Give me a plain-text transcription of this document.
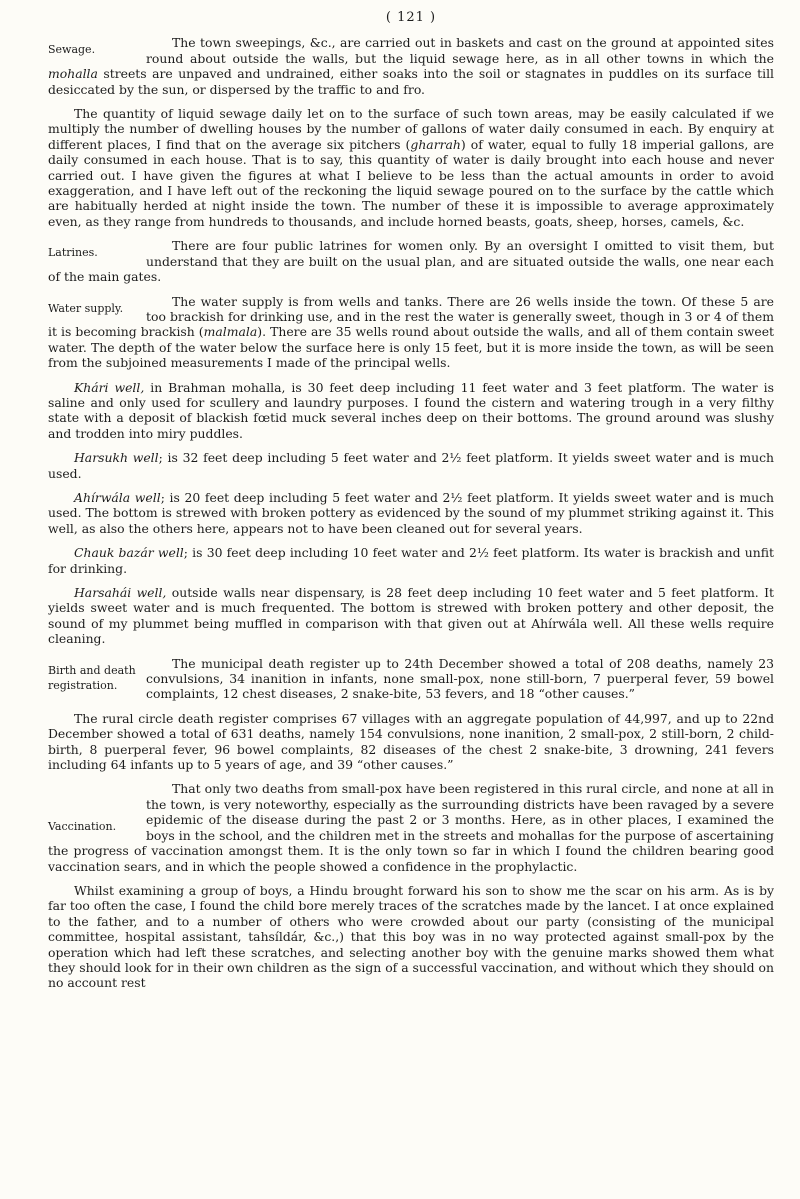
( 121 )
Sewage.	The town sweepings, &c., are carried out in baskets and cast on the ground at appointed sites round about outside the walls, but the liquid sewage here, as in all other towns in which the mohalla streets are unpaved and undrained, either soaks into the soil or stagnates in puddles on its surface till desiccated by the sun, or dispersed by the traffic to and fro.

The quantity of liquid sewage daily let on to the surface of such town areas, may be easily calculated if we multiply the number of dwelling houses by the number of gallons of water daily consumed in each. By enquiry at different places, I find that on the average six pitchers (gharrah) of water, equal to fully 18 imperial gallons, are daily consumed in each house. That is to say, this quantity of water is daily brought into each house and never carried out. I have given the figures at what I believe to be less than the actual amounts in order to avoid exaggeration, and I have left out of the reckoning the liquid sewage poured on to the surface by the cattle which are habitually herded at night inside the town. The number of these it is impossible to average approximately even, as they range from hundreds to thousands, and include horned beasts, goats, sheep, horses, camels, &c.

Latrines.	There are four public latrines for women only. By an oversight I omitted to visit them, but understand that they are built on the usual plan, and are situated outside the walls, one near each of the main gates.

Water supply.	The water supply is from wells and tanks. There are 26 wells inside the town. Of these 5 are too brackish for drinking use, and in the rest the water is generally sweet, though in 3 or 4 of them it is becoming brackish (malmala). There are 35 wells round about outside the walls, and all of them contain sweet water. The depth of the water below the surface here is only 15 feet, but it is more inside the town, as will be seen from the subjoined measurements I made of the principal wells.

Khári well, in Brahman mohalla, is 30 feet deep including 11 feet water and 3 feet platform. The water is saline and only used for scullery and laundry purposes. I found the cistern and watering trough in a very filthy state with a deposit of blackish fœtid muck several inches deep on their bottoms. The ground around was slushy and trodden into miry puddles.

Harsukh well; is 32 feet deep including 5 feet water and 2½ feet platform. It yields sweet water and is much used.

Ahírwála well; is 20 feet deep including 5 feet water and 2½ feet platform. It yields sweet water and is much used. The bottom is strewed with broken pottery as evidenced by the sound of my plummet striking against it. This well, as also the others here, appears not to have been cleaned out for several years.

Chauk bazár well; is 30 feet deep including 10 feet water and 2½ feet platform. Its water is brackish and unfit for drinking.

Harsahái well, outside walls near dispensary, is 28 feet deep including 10 feet water and 5 feet platform. It yields sweet water and is much frequented. The bottom is strewed with broken pottery and other deposit, the sound of my plummet being muffled in comparison with that given out at Ahírwála well. All these wells require cleaning.

Birth and death registration.

The municipal death register up to 24th December showed a total of 208 deaths, namely 23 convulsions, 34 inanition in infants, none small-pox, none still-born, 7 puerperal fever, 59 bowel complaints, 12 chest diseases, 2 snake-bite, 53 fevers, and 18 “other causes.”

The rural circle death register comprises 67 villages with an aggregate population of 44,997, and up to 22nd December showed a total of 631 deaths, namely 154 convulsions, none inanition, 2 small-pox, 2 still-born, 2 child-birth, 8 puerperal fever, 96 bowel complaints, 82 diseases of the chest 2 snake-bite, 3 drowning, 241 fevers including 64 infants up to 5 years of age, and 39 “other causes.”

Vaccination.

That only two deaths from small-pox have been registered in this rural circle, and none at all in the town, is very noteworthy, especially as the surrounding districts have been ravaged by a severe epidemic of the disease during the past 2 or 3 months. Here, as in other places, I examined the boys in the school, and the children met in the streets and mohallas for the purpose of ascertaining the progress of vaccination amongst them. It is the only town so far in which I found the children bearing good vaccination sears, and in which the people showed a confidence in the prophylactic.

Whilst examining a group of boys, a Hindu brought forward his son to show me the scar on his arm. As is by far too often the case, I found the child bore merely traces of the scratches made by the lancet. I at once explained to the father, and to a number of others who were crowded about our party (consisting of the municipal committee, hospital assistant, tahsíldár, &c.,) that this boy was in no way protected against small-pox by the operation which had left these scratches, and selecting another boy with the genuine marks showed them what they should look for in their own children as the sign of a successful vaccination, and without which they should on no account rest
